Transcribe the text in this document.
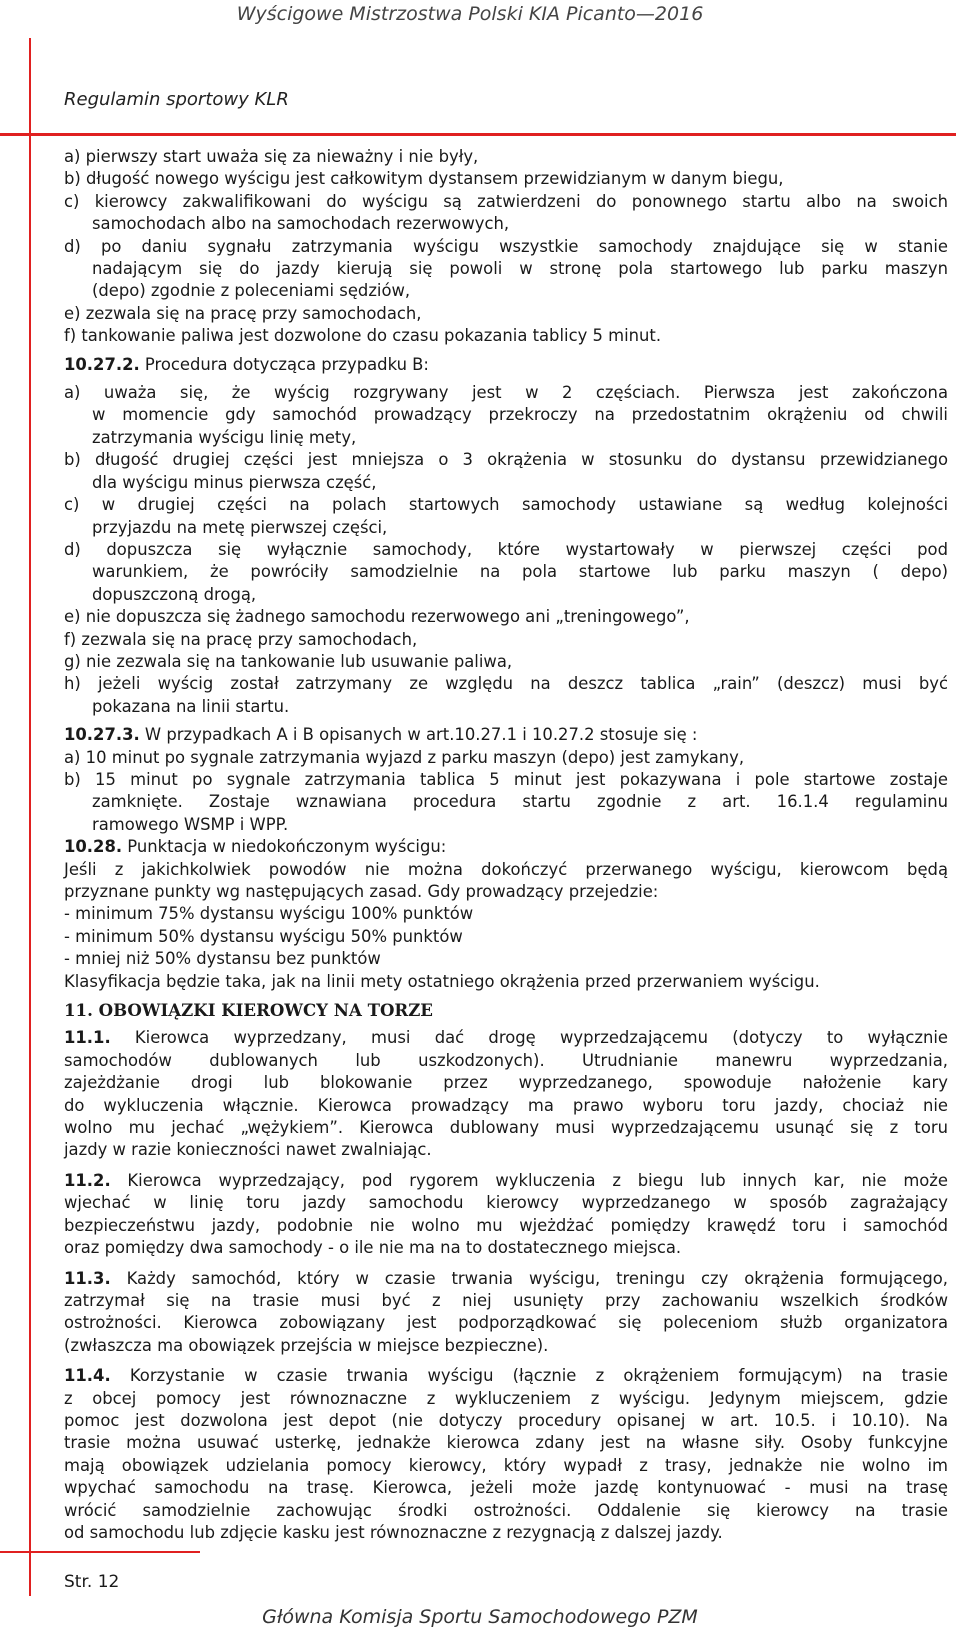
Wyścigowe Mistrzostwa Polski KIA Picanto—2016
Regulamin sportowy KLR
a) pierwszy start uważa się za nieważny i nie były,
b) długość nowego wyścigu jest całkowitym dystansem przewidzianym w danym biegu,
c) kierowcy zakwalifikowani do wyścigu są zatwierdzeni do ponownego startu albo na swoich
samochodach albo na samochodach rezerwowych,
d) po daniu sygnału zatrzymania wyścigu wszystkie samochody znajdujące się w stanie
nadającym się do jazdy kierują się powoli w stronę pola startowego lub parku maszyn
(depo) zgodnie z poleceniami sędziów,
e) zezwala się na pracę przy samochodach,
f) tankowanie paliwa jest dozwolone do czasu pokazania tablicy 5 minut.
10.27.2. Procedura dotycząca przypadku B:
a) uważa się, że wyścig rozgrywany jest w 2 częściach. Pierwsza jest zakończona
w momencie gdy samochód prowadzący przekroczy na przedostatnim okrążeniu od chwili
zatrzymania wyścigu linię mety,
b) długość drugiej części jest mniejsza o 3 okrążenia w stosunku do dystansu przewidzianego
dla wyścigu minus pierwsza część,
c) w drugiej części na polach startowych samochody ustawiane są według kolejności
przyjazdu na metę pierwszej części,
d) dopuszcza się wyłącznie samochody, które wystartowały w pierwszej części pod
warunkiem, że powróciły samodzielnie na pola startowe lub parku maszyn ( depo)
dopuszczoną drogą,
e) nie dopuszcza się żadnego samochodu rezerwowego ani „treningowego”,
f) zezwala się na pracę przy samochodach,
g) nie zezwala się na tankowanie lub usuwanie paliwa,
h) jeżeli wyścig został zatrzymany ze względu na deszcz tablica „rain” (deszcz) musi być
pokazana na linii startu.
10.27.3. W przypadkach A i B opisanych w art.10.27.1 i 10.27.2 stosuje się :
a) 10 minut po sygnale zatrzymania wyjazd z parku maszyn (depo) jest zamykany,
b) 15 minut po sygnale zatrzymania tablica 5 minut jest pokazywana i pole startowe zostaje
zamknięte. Zostaje wznawiana procedura startu zgodnie z art. 16.1.4 regulaminu
ramowego WSMP i WPP.
10.28. Punktacja w niedokończonym wyścigu:
Jeśli z jakichkolwiek powodów nie można dokończyć przerwanego wyścigu, kierowcom będą
przyznane punkty wg następujących zasad. Gdy prowadzący przejedzie:
- minimum 75% dystansu wyścigu 100% punktów
- minimum 50% dystansu wyścigu 50% punktów
- mniej niż 50% dystansu bez punktów
Klasyfikacja będzie taka, jak na linii mety ostatniego okrążenia przed przerwaniem wyścigu.
11. OBOWIĄZKI KIEROWCY NA TORZE
11.1. Kierowca wyprzedzany, musi dać drogę wyprzedzającemu (dotyczy to wyłącznie
samochodów dublowanych lub uszkodzonych). Utrudnianie manewru wyprzedzania,
zajeżdżanie drogi lub blokowanie przez wyprzedzanego, spowoduje nałożenie kary
do wykluczenia włącznie. Kierowca prowadzący ma prawo wyboru toru jazdy, chociaż nie
wolno mu jechać „wężykiem”. Kierowca dublowany musi wyprzedzającemu usunąć się z toru
jazdy w razie konieczności nawet zwalniając.
11.2. Kierowca wyprzedzający, pod rygorem wykluczenia z biegu lub innych kar, nie może
wjechać w linię toru jazdy samochodu kierowcy wyprzedzanego w sposób zagrażający
bezpieczeństwu jazdy, podobnie nie wolno mu wjeżdżać pomiędzy krawędź toru i samochód
oraz pomiędzy dwa samochody - o ile nie ma na to dostatecznego miejsca.
11.3. Każdy samochód, który w czasie trwania wyścigu, treningu czy okrążenia formującego,
zatrzymał się na trasie musi być z niej usunięty przy zachowaniu wszelkich środków
ostrożności. Kierowca zobowiązany jest podporządkować się poleceniom służb organizatora
(zwłaszcza ma obowiązek przejścia w miejsce bezpieczne).
11.4. Korzystanie w czasie trwania wyścigu (łącznie z okrążeniem formującym) na trasie
z obcej pomocy jest równoznaczne z wykluczeniem z wyścigu. Jedynym miejscem, gdzie
pomoc jest dozwolona jest depot (nie dotyczy procedury opisanej w art. 10.5. i 10.10). Na
trasie można usuwać usterkę, jednakże kierowca zdany jest na własne siły. Osoby funkcyjne
mają obowiązek udzielania pomocy kierowcy, który wypadł z trasy, jednakże nie wolno im
wpychać samochodu na trasę. Kierowca, jeżeli może jazdę kontynuować - musi na trasę
wrócić samodzielnie zachowując środki ostrożności. Oddalenie się kierowcy na trasie
od samochodu lub zdjęcie kasku jest równoznaczne z rezygnacją z dalszej jazdy.
Str. 12
Główna Komisja Sportu Samochodowego PZM
